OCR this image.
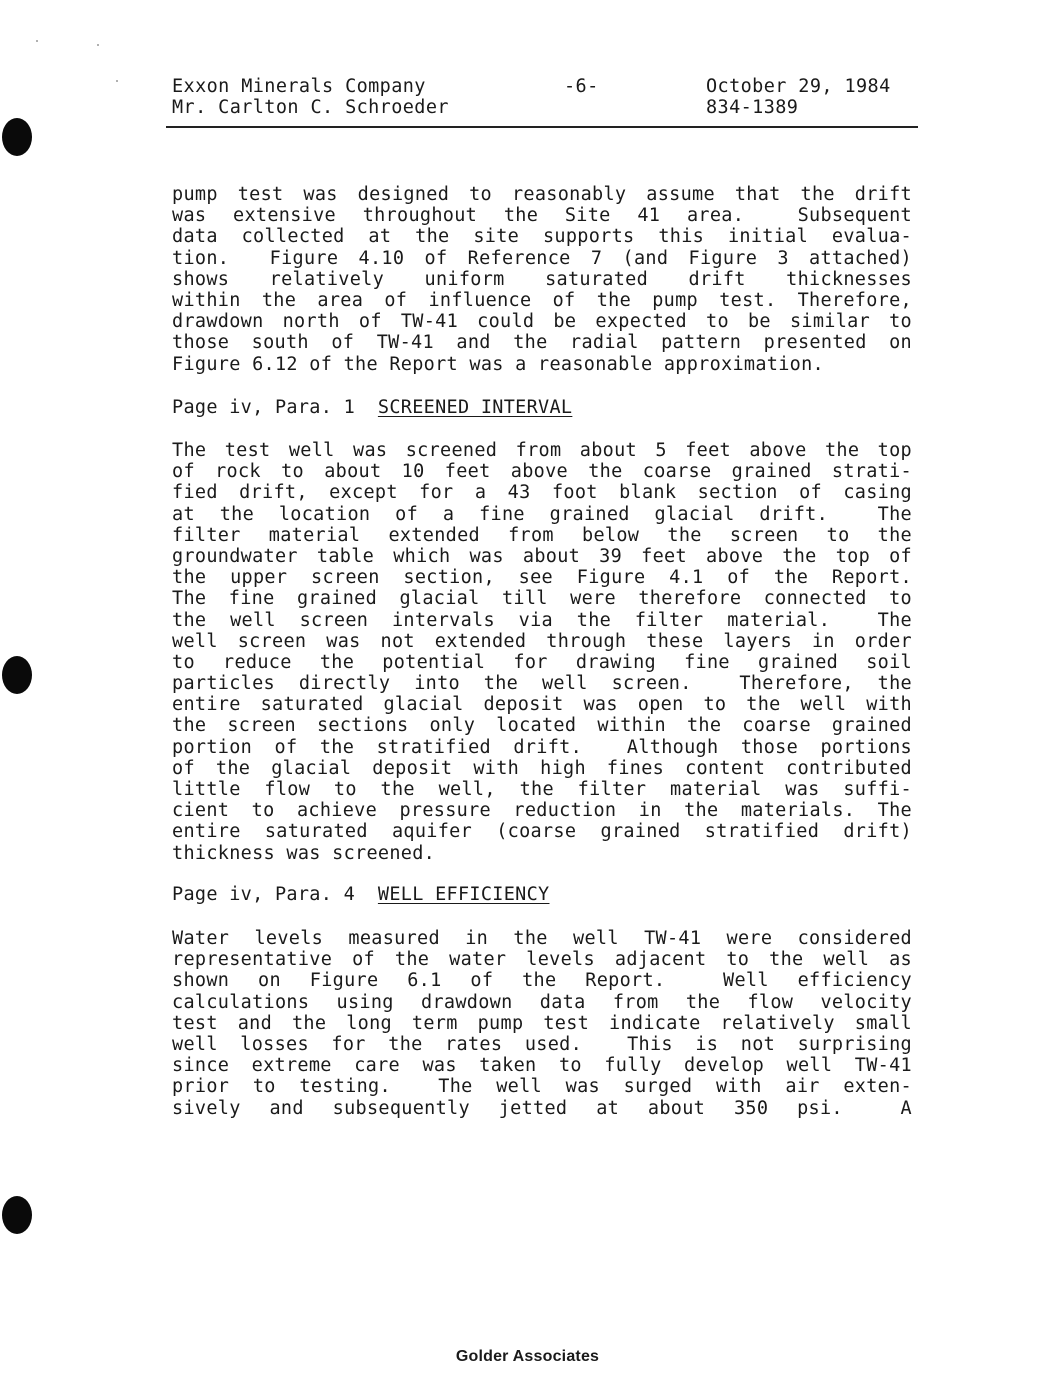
Exxon Minerals Company	-6-	October 29, 1984
Mr. Carlton C. Schroeder	834-1389
pump test was designed to reasonably assume that the drift
was extensive throughout the Site 41 area.  Subsequent
data collected at the site supports this initial evalua-
tion.  Figure 4.10 of Reference 7 (and Figure 3 attached)
shows relatively uniform saturated drift thicknesses
within the area of influence of the pump test. Therefore,
drawdown north of TW-41 could be expected to be similar to
those south of TW-41 and the radial pattern presented on
Figure 6.12 of the Report was a reasonable approximation.
Page iv, Para. 1 SCREENED INTERVAL
The test well was screened from about 5 feet above the top
of rock to about 10 feet above the coarse grained strati-
fied drift, except for a 43 foot blank section of casing
at the location of a fine grained glacial drift.  The
filter material extended from below the screen to the
groundwater table which was about 39 feet above the top of
the upper screen section, see Figure 4.1 of the Report.
The fine grained glacial till were therefore connected to
the well screen intervals via the filter material.  The
well screen was not extended through these layers in order
to reduce the potential for drawing fine grained soil
particles directly into the well screen.  Therefore, the
entire saturated glacial deposit was open to the well with
the screen sections only located within the coarse grained
portion of the stratified drift.  Although those portions
of the glacial deposit with high fines content contributed
little flow to the well, the filter material was suffi-
cient to achieve pressure reduction in the materials. The
entire saturated aquifer (coarse grained stratified drift)
thickness was screened.
Page iv, Para. 4 WELL EFFICIENCY
Water levels measured in the well TW-41 were considered
representative of the water levels adjacent to the well as
shown on Figure 6.1 of the Report.  Well efficiency
calculations using drawdown data from the flow velocity
test and the long term pump test indicate relatively small
well losses for the rates used.  This is not surprising
since extreme care was taken to fully develop well TW-41
prior to testing.  The well was surged with air exten-
sively and subsequently jetted at about 350 psi.  A
Golder Associates
